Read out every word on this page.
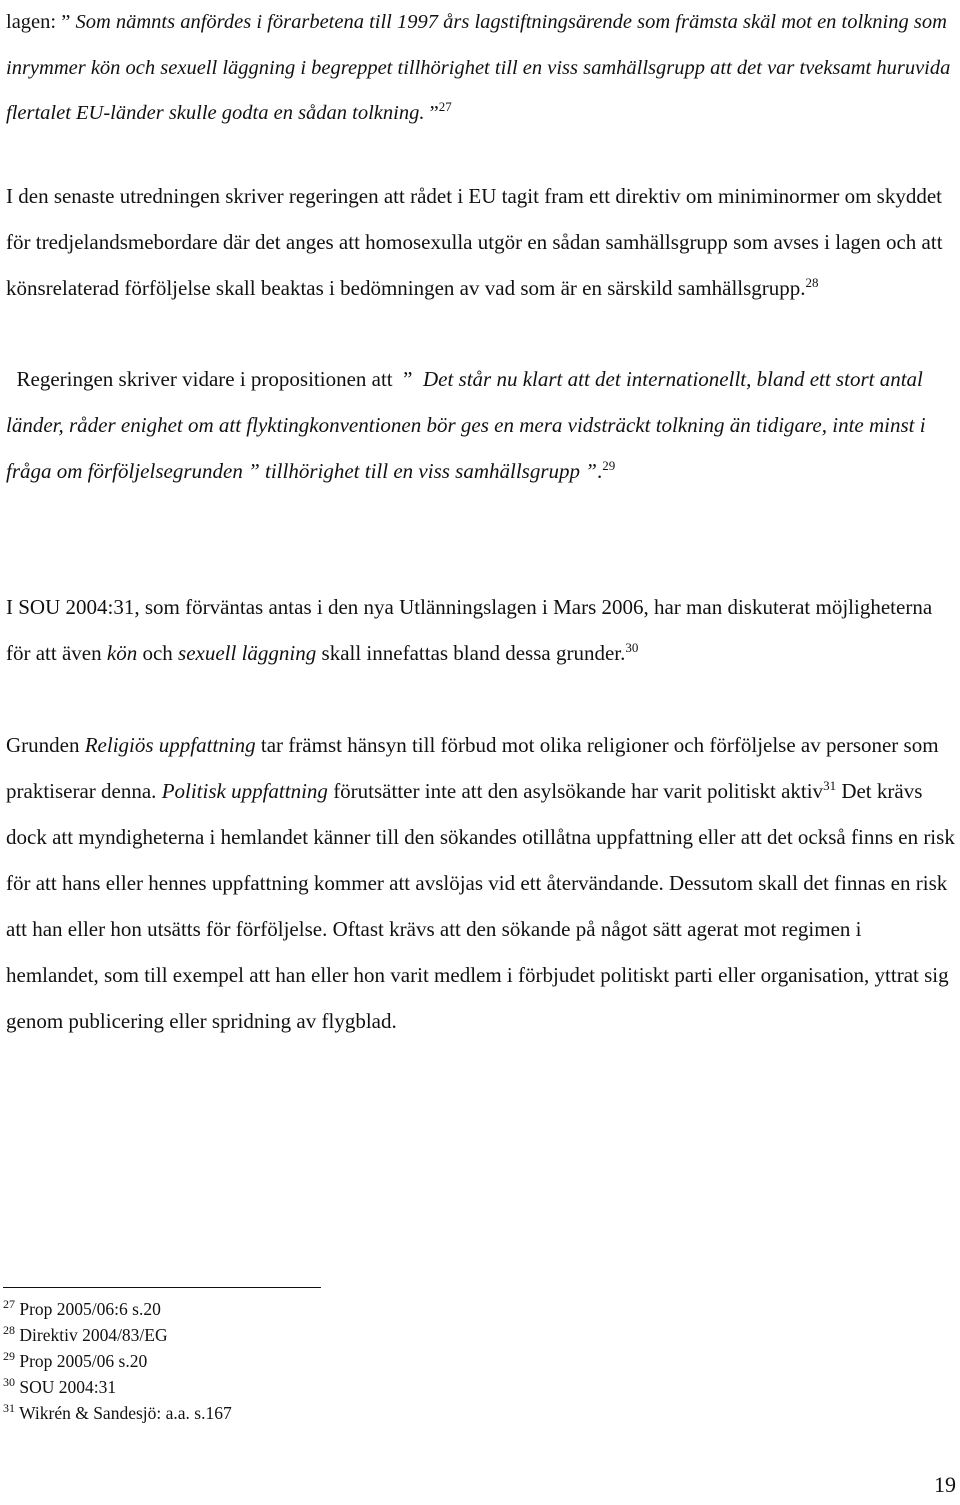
lagen: ” Som nämnts anfördes i förarbetena till 1997 års lagstiftningsärende som främsta skäl mot en tolkning som inrymmer kön och sexuell läggning i begreppet tillhörighet till en viss samhällsgrupp att det var tveksamt huruvida flertalet EU-länder skulle godta en sådan tolkning. ”$^{27}$

I den senaste utredningen skriver regeringen att rådet i EU tagit fram ett direktiv om miniminormer om skyddet för tredjelandsmebordare där det anges att homosexulla utgör en sådan samhällsgrupp som avses i lagen och att könsrelaterad förföljelse skall beaktas i bedömningen av vad som är en särskild samhällsgrupp.$^{28}$

Regeringen skriver vidare i propositionen att  ”  Det står nu klart att det internationellt, bland ett stort antal länder, råder enighet om att flyktingkonventionen bör ges en mera vidsträckt tolkning än tidigare, inte minst i fråga om förföljelsegrunden ” tillhörighet till en viss samhällsgrupp ”.$^{29}$

I SOU 2004:31, som förväntas antas i den nya Utlänningslagen i Mars 2006, har man diskuterat möjligheterna för att även kön och sexuell läggning skall innefattas bland dessa grunder.$^{30}$

Grunden Religiös uppfattning tar främst hänsyn till förbud mot olika religioner och förföljelse av personer som praktiserar denna. Politisk uppfattning förutsätter inte att den asylsökande har varit politiskt aktiv$^{31}$ Det krävs dock att myndigheterna i hemlandet känner till den sökandes otillåtna uppfattning eller att det också finns en risk för att hans eller hennes uppfattning kommer att avslöjas vid ett återvändande. Dessutom skall det finnas en risk att han eller hon utsätts för förföljelse. Oftast krävs att den sökande på något sätt agerat mot regimen i hemlandet, som till exempel att han eller hon varit medlem i förbjudet politiskt parti eller organisation, yttrat sig genom publicering eller spridning av flygblad.

$^{27}$ Prop 2005/06:6 s.20
$^{28}$ Direktiv 2004/83/EG
$^{29}$ Prop 2005/06 s.20
$^{30}$ SOU 2004:31
$^{31}$ Wikrén & Sandesjö: a.a. s.167
19
